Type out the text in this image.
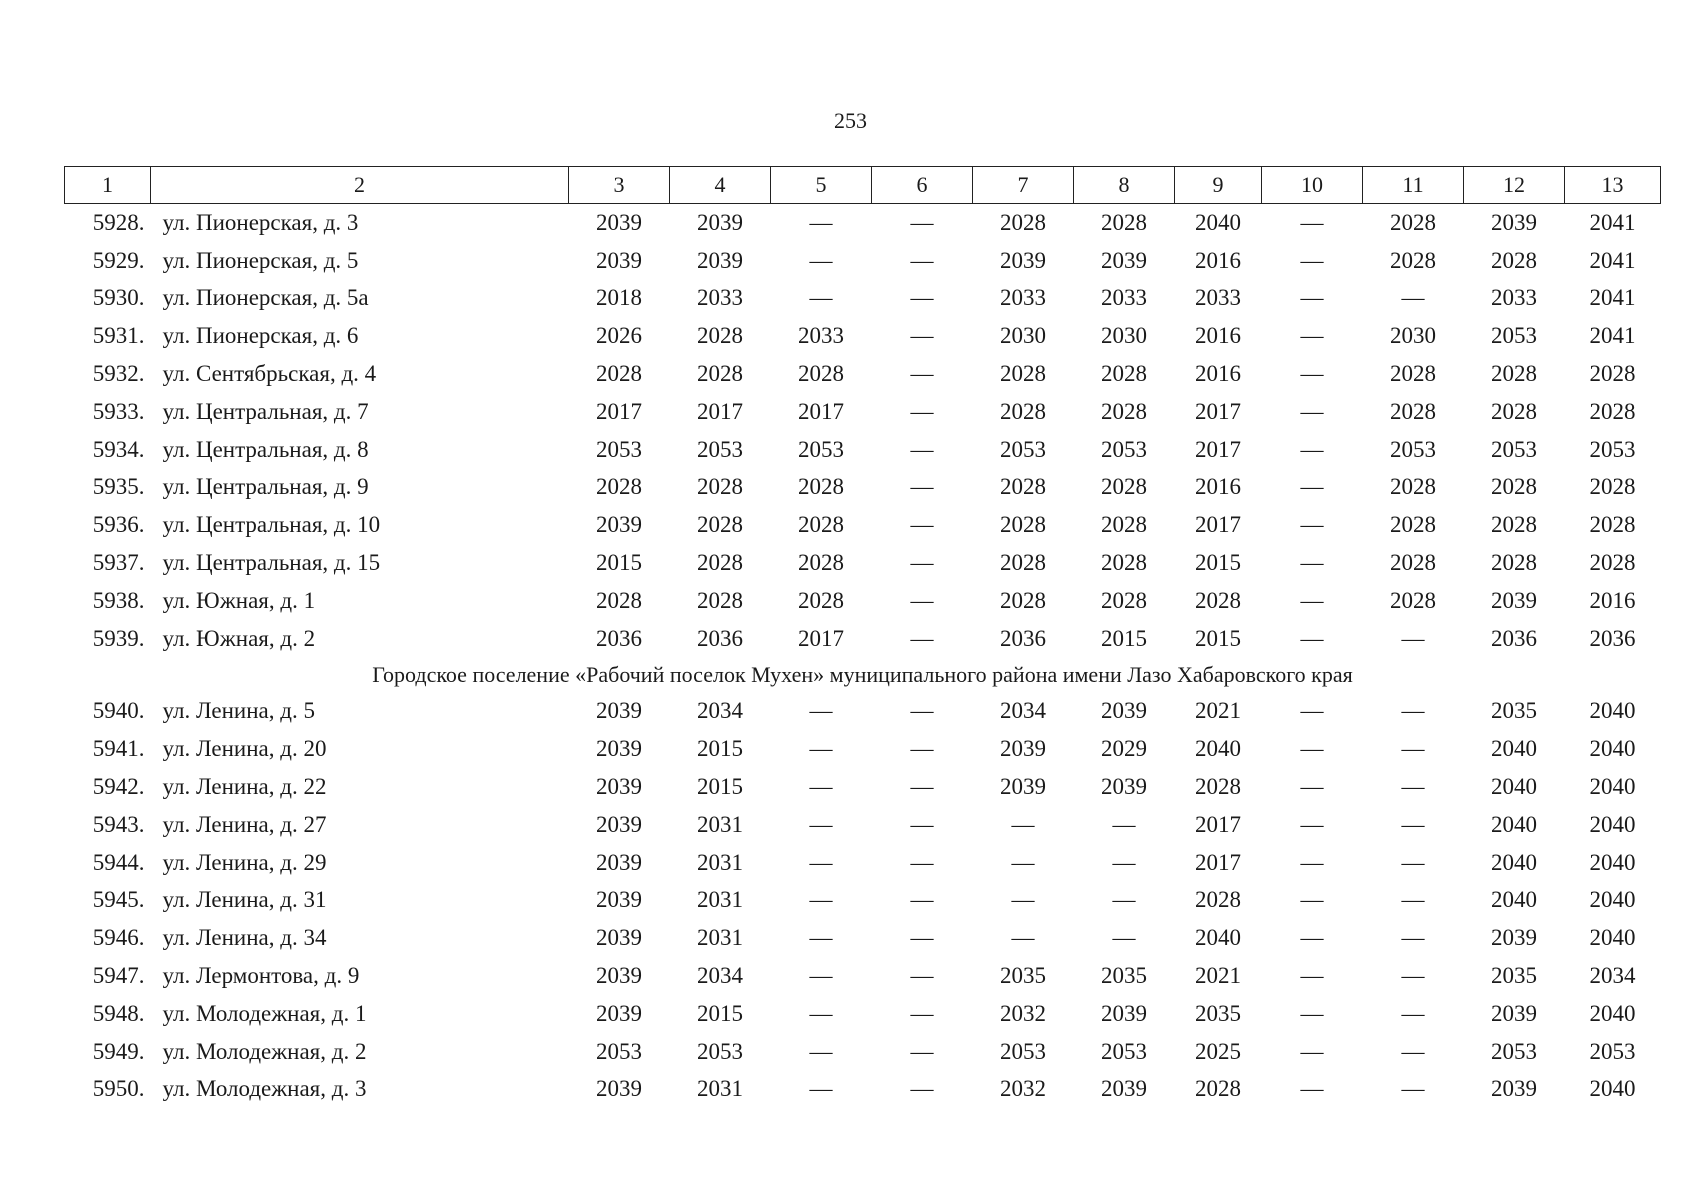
253
1	2	3	4	5	6	7	8	9	10	11	12	13
5928.	ул. Пионерская, д. 3	2039	2039	—	—	2028	2028	2040	—	2028	2039	2041
5929.	ул. Пионерская, д. 5	2039	2039	—	—	2039	2039	2016	—	2028	2028	2041
5930.	ул. Пионерская, д. 5а	2018	2033	—	—	2033	2033	2033	—	—	2033	2041
5931.	ул. Пионерская, д. 6	2026	2028	2033	—	2030	2030	2016	—	2030	2053	2041
5932.	ул. Сентябрьская, д. 4	2028	2028	2028	—	2028	2028	2016	—	2028	2028	2028
5933.	ул. Центральная, д. 7	2017	2017	2017	—	2028	2028	2017	—	2028	2028	2028
5934.	ул. Центральная, д. 8	2053	2053	2053	—	2053	2053	2017	—	2053	2053	2053
5935.	ул. Центральная, д. 9	2028	2028	2028	—	2028	2028	2016	—	2028	2028	2028
5936.	ул. Центральная, д. 10	2039	2028	2028	—	2028	2028	2017	—	2028	2028	2028
5937.	ул. Центральная, д. 15	2015	2028	2028	—	2028	2028	2015	—	2028	2028	2028
5938.	ул. Южная, д. 1	2028	2028	2028	—	2028	2028	2028	—	2028	2039	2016
5939.	ул. Южная, д. 2	2036	2036	2017	—	2036	2015	2015	—	—	2036	2036
Городское поселение «Рабочий поселок Мухен» муниципального района имени Лазо Хабаровского края												
5940.	ул. Ленина, д. 5	2039	2034	—	—	2034	2039	2021	—	—	2035	2040
5941.	ул. Ленина, д. 20	2039	2015	—	—	2039	2029	2040	—	—	2040	2040
5942.	ул. Ленина, д. 22	2039	2015	—	—	2039	2039	2028	—	—	2040	2040
5943.	ул. Ленина, д. 27	2039	2031	—	—	—	—	2017	—	—	2040	2040
5944.	ул. Ленина, д. 29	2039	2031	—	—	—	—	2017	—	—	2040	2040
5945.	ул. Ленина, д. 31	2039	2031	—	—	—	—	2028	—	—	2040	2040
5946.	ул. Ленина, д. 34	2039	2031	—	—	—	—	2040	—	—	2039	2040
5947.	ул. Лермонтова, д. 9	2039	2034	—	—	2035	2035	2021	—	—	2035	2034
5948.	ул. Молодежная, д. 1	2039	2015	—	—	2032	2039	2035	—	—	2039	2040
5949.	ул. Молодежная, д. 2	2053	2053	—	—	2053	2053	2025	—	—	2053	2053
5950.	ул. Молодежная, д. 3	2039	2031	—	—	2032	2039	2028	—	—	2039	2040
